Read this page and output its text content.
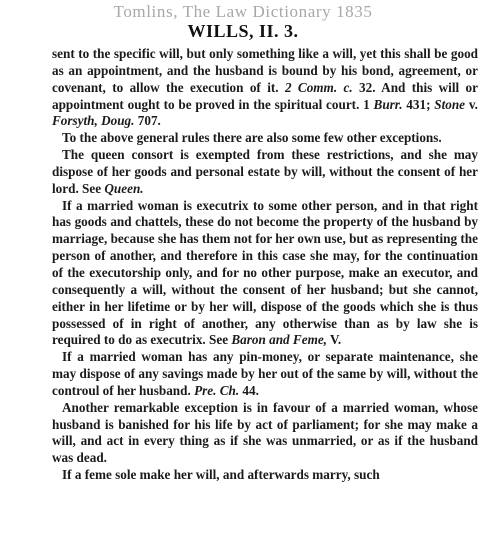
Tomlins, The Law Dictionary 1835
WILLS, II. 3.

sent to the specific will, but only something like a will, yet this shall be good as an appointment, and the husband is bound by his bond, agreement, or covenant, to allow the execution of it. 2 Comm. c. 32. And this will or appointment ought to be proved in the spiritual court. 1 Burr. 431; Stone v. Forsyth, Doug. 707.

To the above general rules there are also some few other exceptions.

The queen consort is exempted from these restrictions, and she may dispose of her goods and personal estate by will, without the consent of her lord. See Queen.

If a married woman is executrix to some other person, and in that right has goods and chattels, these do not become the property of the husband by marriage, because she has them not for her own use, but as representing the person of another, and therefore in this case she may, for the continuation of the executorship only, and for no other purpose, make an executor, and consequently a will, without the consent of her husband; but she cannot, either in her lifetime or by her will, dispose of the goods which she is thus possessed of in right of another, any otherwise than as by law she is required to do as executrix. See Baron and Feme, V.

If a married woman has any pin-money, or separate maintenance, she may dispose of any savings made by her out of the same by will, without the controul of her husband. Pre. Ch. 44.

Another remarkable exception is in favour of a married woman, whose husband is banished for his life by act of parliament; for she may make a will, and act in every thing as if she was unmarried, or as if the husband was dead.

If a feme sole make her will, and afterwards marry, such
